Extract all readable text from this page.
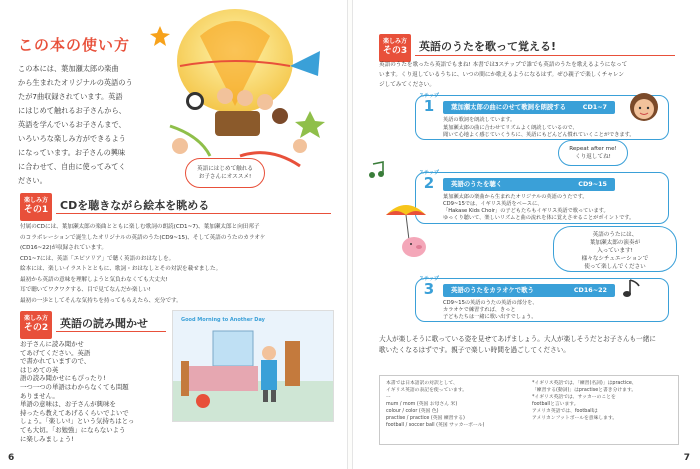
この本の使い方
この本には、葉加瀬太郎の楽曲
から生まれたオリジナルの英語のう
たが7曲収録されています。英語
にはじめて触れるお子さんから、
英語を学んでいるお子さんまで、
いろいろな楽しみ方ができるよう
になっています。お子さんの興味
に合わせて、自由に使ってみてく
ださい。
英語にはじめて触れる
お子さんにオススメ!
楽しみ方
その1	CDを聴きながら絵本を眺める
付属のCDには、葉加瀬太郎の楽曲とともに楽しむ歌詞の朗読(CD1~7)、葉加瀬太郎と向田邦子
のコラボレーションで誕生したオリジナルの英語のうた(CD9~15)、そして英語のうたのカラオケ
(CD16~22)が収録されています。
CD1~7には、英語「エピソリア」で聴く英語のおはなしを。
絵本には、楽しいイラストとともに、歌詞・おはなしとその対訳を載せました。
最初から英語の意味を理解しようと気負わなくても大丈夫!
耳で聴いてワクワクする、目で見てなんだか楽しい!
最初の一歩としてそんな気持ちを持ってもらえたら、充分です。
楽しみ方
その2	英語の読み聞かせ
お子さんに読み聞かせ
てあげてください。英語
で書かれていますので、
はじめての英
語の読み聞かせにもぴったり!
一つ一つの単語はわからなくても問題
ありません。
単語の意味は、お子さんが興味を
持ったら教えてあげるくらいでよいで
しょう。「楽しい!」という気持ちはとっ
ても大切。「お勉強」にならないよう
に楽しみましょう!
Good Morning to Another Day
6
楽しみ方
その3	英語のうたを歌って覚える!
英語のうたを歌ったら英語でもまね! 本書では3ステップで誰でも英語のうたを歌えるようになって
います。くり返しているうちに、いつの間にか歌えるようになるはず。ぜひ親子で楽しくチャレン
ジしてみてください。
ステップ
1	葉加瀬太郎の曲にのせて歌詞を朗読する	CD1~7
英語の歌詞を朗読しています。
葉加瀬太郎の曲に合わせてリズムよく朗読しているので、
聞いて心地よく感じていくうちに、英語にもどんどん慣れていくことができます。
Repeat after me!
くり返してね!
ステップ
2	英語のうたを聴く	CD9~15
葉加瀬太郎の楽曲から生まれたオリジナルの英語のうたです。
CD9~15では、イギリス英語をベースに、
「Hakase Kids Choir」の子どもたちもイギリス英語で歌っています。
ゆっくり聴いて、楽しいリズムと曲の流れを体に覚えさせることがポイントです。
英語のうたには、
葉加瀬太郎の演奏が
入っています!
様々なシチュエーションで
使って楽しんでください
ステップ
3	英語のうたをカラオケで歌う	CD16~22
CD9~15の英語のうたの英語の部分を、
カラオケで練習すれば、きっと
子どもたちは一緒に歌い出すでしょう。
大人が楽しそうに歌っている姿を見せてあげましょう。大人が楽しそうだとお子さんも一緒に
歌いたくなるはずです。親子で楽しい時間を過ごしてください。
本書では日本語訳の対訳として、
イギリス英語の表記を使っています。
ー
mum / mom (英国 お母さん 米)
colour / color (英国 色)
practise / practice (英国 練習する)
football / soccer ball (英国 サッカーボール)
*イギリス英語では、「練習(名詞)」はpractice、
「練習する(動詞)」はpractiseと書き分けます。
*イギリス英語では、サッカーのことを
footballと言います。
アメリカ英語では、footballは
アメリカンフットボールを意味します。
7
